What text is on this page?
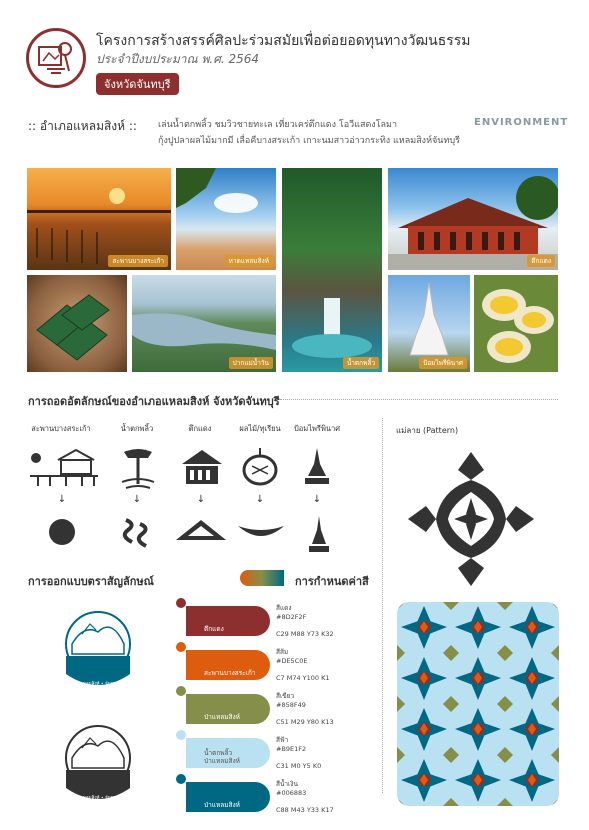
โครงการสร้างสรรค์ศิลปะร่วมสมัยเพื่อต่อยอดทุนทางวัฒนธรรม
ประจำปีงบประมาณ พ.ศ. 2564
จังหวัดจันทบุรี
:: อำเภอแหลมสิงห์ :: เล่นน้ำตกพลิ้ว ชมวิวชายทะเล เที่ยวเคร่ตึกแดง โอวีแสดงโลมา
กุ้งปูปลาผลไม้มากมี เลื่อคืบางสระเก้า เกาะนมสาวอ่าวกระทิง แหลมสิงห์จันทบุรี
ENVIRONMENT
สะพานบางสระเก้า	หาดแหลมสิงห์
น้ำตกพลิ้ว
ตึกแดง
ปากแม่น้ำวัน	ป้อมไพรีพินาศ
การถอดอัตลักษณ์ของอำเภอแหลมสิงห์ จังหวัดจันทบุรี
สะพานบางสระเก้า	น้ำตกพลิ้ว	ตึกแดง	ผลไม้/ทุเรียน	ป้อมไพรีพินาศ
↓	↓	↓	↓	↓
แม่ลาย (Pattern)
การออกแบบตราสัญลักษณ์	การกำหนดค่าสี
แหลมสิงห์ • จันทบุรี
แหลมสิงห์ • จันทบุรี
ตึกแดง
สีแดง
#8D2F2F
C29 M88 Y73 K32
สะพานบางสระเก้า
สีส้ม
#DE5C0E
C7 M74 Y100 K1
ป่าแหลมสิงห์
สีเขียว
#858F49
C51 M29 Y80 K13
น้ำตกพลิ้ว
ป่าแหลมสิงห์
สีฟ้า
#B9E1F2
C31 M0 Y5 K0
ป่าแหลมสิงห์
สีน้ำเงิน
#006883
C88 M43 Y33 K17
